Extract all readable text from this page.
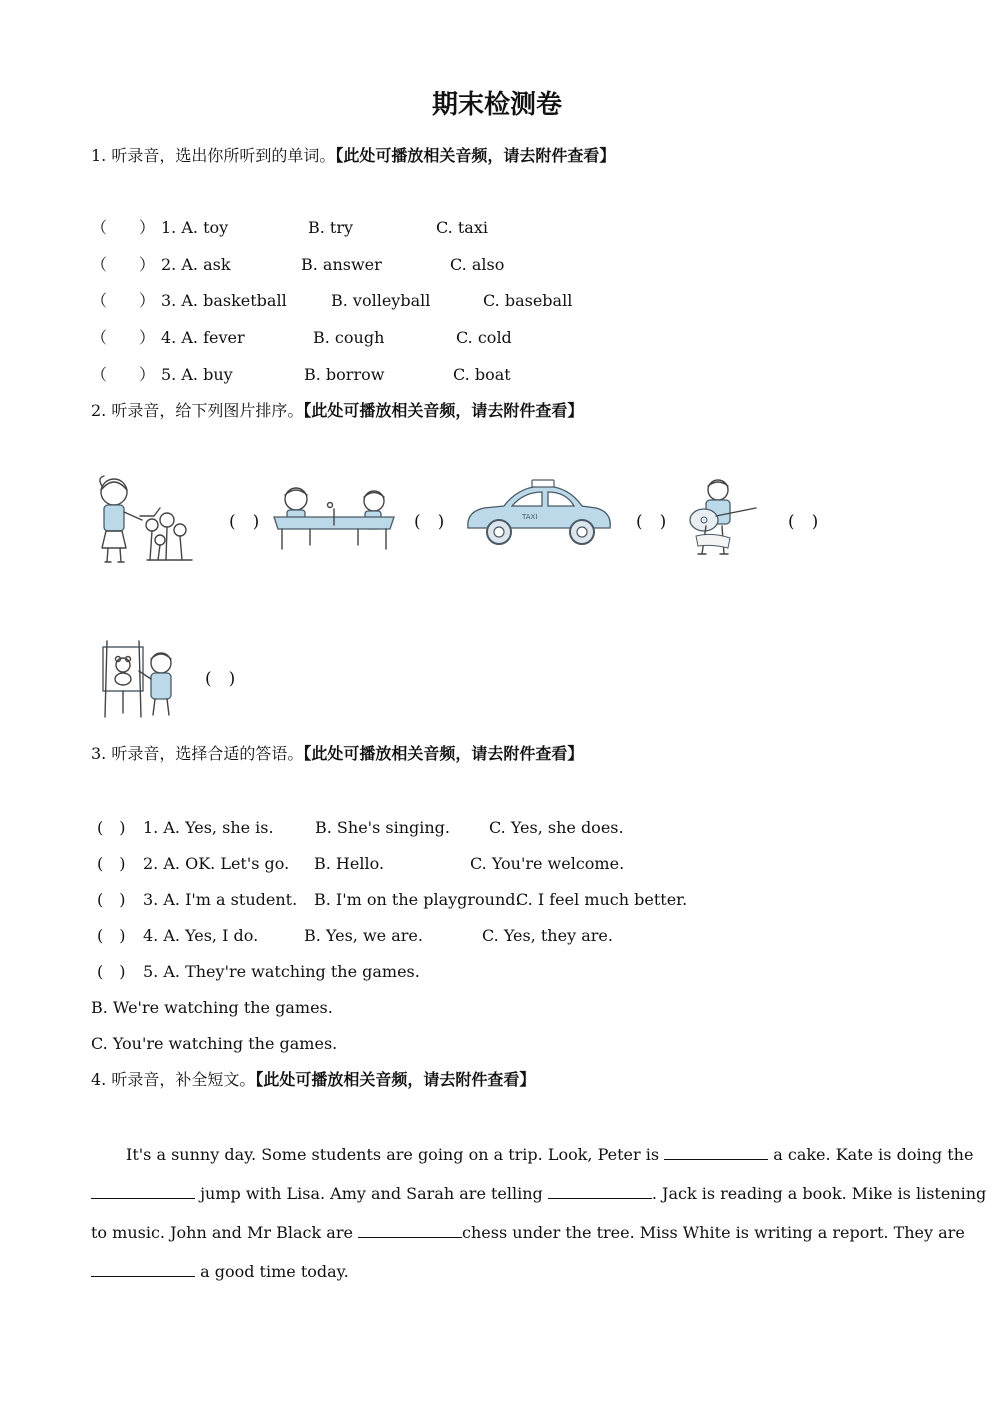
期末检测卷
1. 听录音，选出你所听到的单词。【此处可播放相关音频，请去附件查看】
（　　） 1. A. toy	B. try	C. taxi
（　　） 2. A. ask	B. answer	C. also
（　　） 3. A. basketball	B. volleyball	C. baseball
（　　） 4. A. fever	B. cough	C. cold
（　　） 5. A. buy	B. borrow	C. boat
2. 听录音，给下列图片排序。【此处可播放相关音频，请去附件查看】
(　)	(　)	TAXI	(　)	(　)
(　)
3. 听录音，选择合适的答语。【此处可播放相关音频，请去附件查看】
(　) 1. A. Yes, she is.	B. She's singing. C. Yes, she does.
(　) 2. A. OK. Let's go. B. Hello.	C. You're welcome.
(　) 3. A. I'm a student. B. I'm on the playground.
C. I feel much better.
(　) 4. A. Yes, I do.	B. Yes, we are.	C. Yes, they are.
(　) 5. A. They're watching the games.
B. We're watching the games.
C. You're watching the games.
4. 听录音，补全短文。【此处可播放相关音频，请去附件查看】
It's a sunny day. Some students are going on a trip. Look, Peter is	a cake. Kate is doing the
jump with Lisa. Amy and Sarah are telling	. Jack is reading a book. Mike is listening
to music. John and Mr Black are	chess under the tree. Miss White is writing a report. They are
a good time today.
